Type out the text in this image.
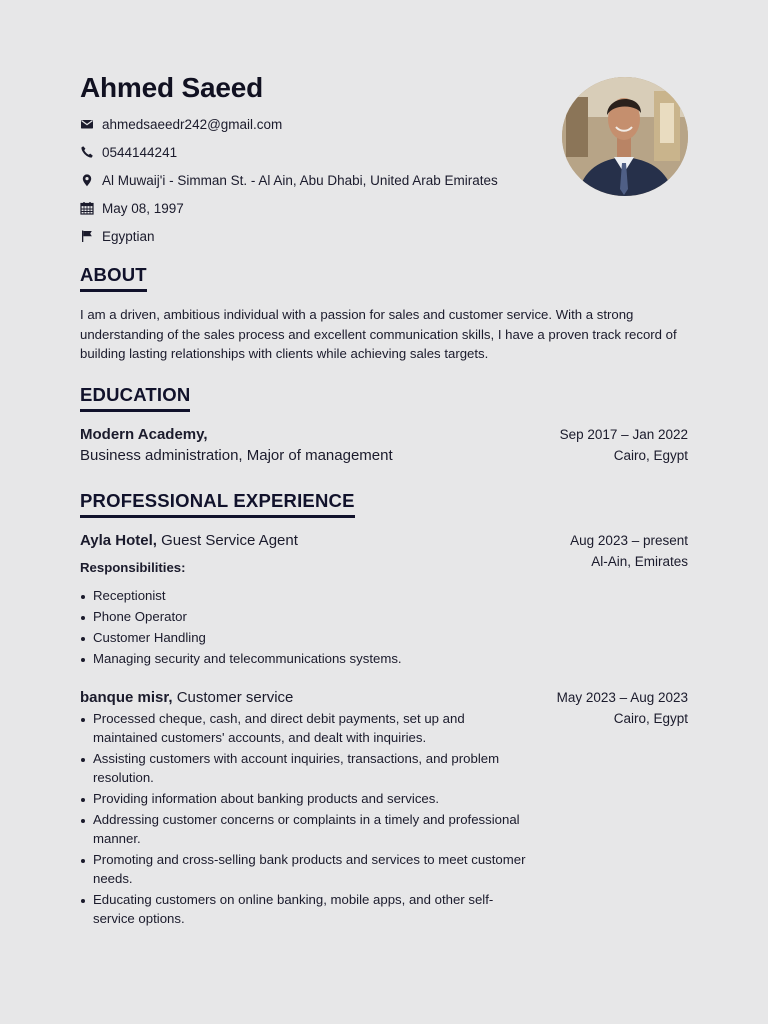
Ahmed Saeed
ahmedsaeedr242@gmail.com
0544144241
Al Muwaij'i - Simman St. - Al Ain, Abu Dhabi, United Arab Emirates
May 08, 1997
Egyptian
ABOUT
I am a driven, ambitious individual with a passion for sales and customer service. With a strong understanding of the sales process and excellent communication skills, I have a proven track record of building lasting relationships with clients while achieving sales targets.
EDUCATION
Modern Academy,
Business administration, Major of management
Sep 2017 – Jan 2022
Cairo, Egypt
PROFESSIONAL EXPERIENCE
Ayla Hotel, Guest Service Agent
Responsibilities:
Receptionist
Phone Operator
Customer Handling
Managing security and telecommunications systems.
Aug 2023 – present
Al-Ain, Emirates
banque misr, Customer service
Processed cheque, cash, and direct debit payments, set up and maintained customers' accounts, and dealt with inquiries.
Assisting customers with account inquiries, transactions, and problem resolution.
Providing information about banking products and services.
Addressing customer concerns or complaints in a timely and professional manner.
Promoting and cross-selling bank products and services to meet customer needs.
Educating customers on online banking, mobile apps, and other self-service options.
May 2023 – Aug 2023
Cairo, Egypt
